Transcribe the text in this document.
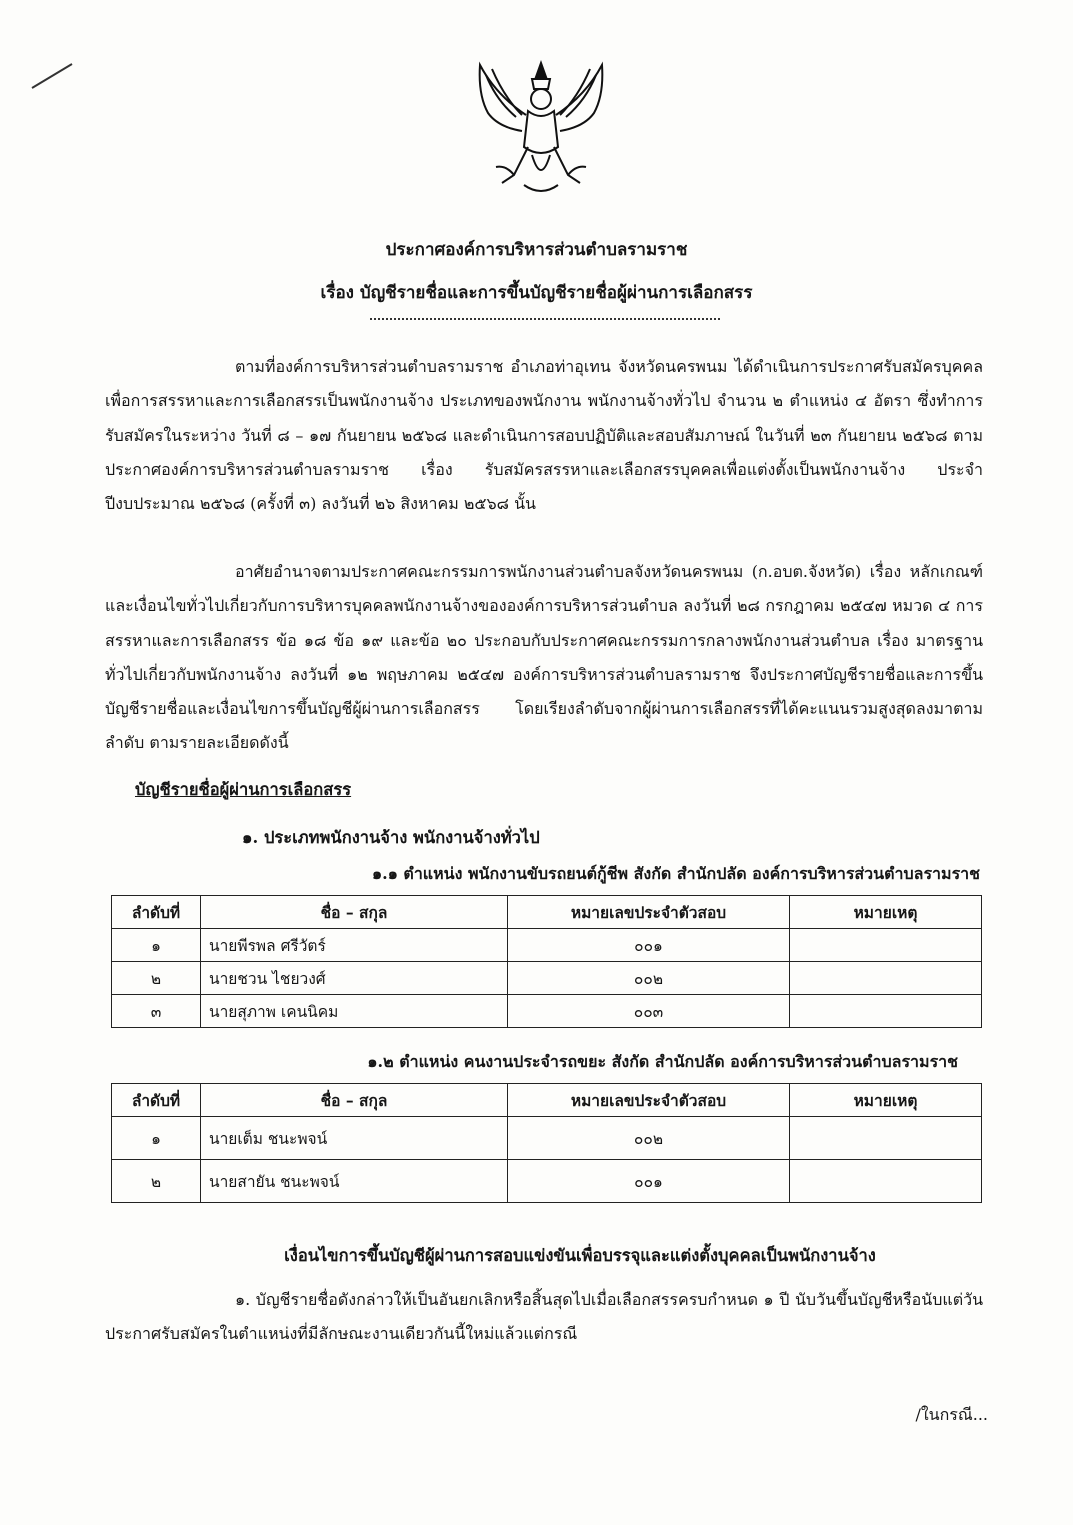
ประกาศองค์การบริหารส่วนตำบลรามราช
เรื่อง บัญชีรายชื่อและการขึ้นบัญชีรายชื่อผู้ผ่านการเลือกสรร
ตามที่องค์การบริหารส่วนตำบลรามราช อำเภอท่าอุเทน จังหวัดนครพนม ได้ดำเนินการประกาศรับสมัครบุคคลเพื่อการสรรหาและการเลือกสรรเป็นพนักงานจ้าง ประเภทของพนักงาน พนักงานจ้างทั่วไป จำนวน ๒ ตำแหน่ง ๔ อัตรา ซึ่งทำการรับสมัครในระหว่าง วันที่ ๘ – ๑๗ กันยายน ๒๕๖๘ และดำเนินการสอบปฏิบัติและสอบสัมภาษณ์ ในวันที่ ๒๓ กันยายน ๒๕๖๘ ตามประกาศองค์การบริหารส่วนตำบลรามราช เรื่อง รับสมัครสรรหาและเลือกสรรบุคคลเพื่อแต่งตั้งเป็นพนักงานจ้าง ประจำปีงบประมาณ ๒๕๖๘ (ครั้งที่ ๓) ลงวันที่ ๒๖ สิงหาคม ๒๕๖๘ นั้น
อาศัยอำนาจตามประกาศคณะกรรมการพนักงานส่วนตำบลจังหวัดนครพนม (ก.อบต.จังหวัด) เรื่อง หลักเกณฑ์และเงื่อนไขทั่วไปเกี่ยวกับการบริหารบุคคลพนักงานจ้างขององค์การบริหารส่วนตำบล ลงวันที่ ๒๘ กรกฎาคม ๒๕๔๗ หมวด ๔ การสรรหาและการเลือกสรร ข้อ ๑๘ ข้อ ๑๙ และข้อ ๒๐ ประกอบกับประกาศคณะกรรมการกลางพนักงานส่วนตำบล เรื่อง มาตรฐานทั่วไปเกี่ยวกับพนักงานจ้าง ลงวันที่ ๑๒ พฤษภาคม ๒๕๔๗ องค์การบริหารส่วนตำบลรามราช จึงประกาศบัญชีรายชื่อและการขึ้นบัญชีรายชื่อและเงื่อนไขการขึ้นบัญชีผู้ผ่านการเลือกสรร โดยเรียงลำดับจากผู้ผ่านการเลือกสรรที่ได้คะแนนรวมสูงสุดลงมาตามลำดับ ตามรายละเอียดดังนี้
บัญชีรายชื่อผู้ผ่านการเลือกสรร
๑. ประเภทพนักงานจ้าง พนักงานจ้างทั่วไป
๑.๑ ตำแหน่ง พนักงานขับรถยนต์กู้ชีพ สังกัด สำนักปลัด องค์การบริหารส่วนตำบลรามราช
ลำดับที่	ชื่อ – สกุล	หมายเลขประจำตัวสอบ	หมายเหตุ
๑	นายพีรพล ศรีวัตร์	๐๐๑	
๒	นายชวน ไชยวงศ์	๐๐๒	
๓	นายสุภาพ เคนนิคม	๐๐๓	
๑.๒ ตำแหน่ง คนงานประจำรถขยะ สังกัด สำนักปลัด องค์การบริหารส่วนตำบลรามราช
ลำดับที่	ชื่อ – สกุล	หมายเลขประจำตัวสอบ	หมายเหตุ
๑	นายเต็ม ชนะพจน์	๐๐๒	
๒	นายสายัน ชนะพจน์	๐๐๑	
เงื่อนไขการขึ้นบัญชีผู้ผ่านการสอบแข่งขันเพื่อบรรจุและแต่งตั้งบุคคลเป็นพนักงานจ้าง
๑. บัญชีรายชื่อดังกล่าวให้เป็นอันยกเลิกหรือสิ้นสุดไปเมื่อเลือกสรรครบกำหนด ๑ ปี นับวันขึ้นบัญชีหรือนับแต่วันประกาศรับสมัครในตำแหน่งที่มีลักษณะงานเดียวกันนี้ใหม่แล้วแต่กรณี
/ในกรณี...
